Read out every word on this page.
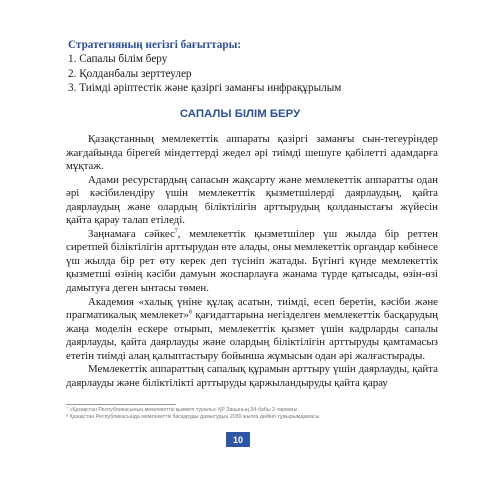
Стратегияның негізгі бағыттары:
1. Сапалы білім беру
2. Қолданбалы зерттеулер
3. Тиімді әріптестік және қазіргі заманғы инфрақұрылым
САПАЛЫ БІЛІМ БЕРУ

Қазақстанның мемлекеттік аппараты қазіргі заманғы сын-тегеуріндер жағдайында бірегей міндеттерді жедел әрі тиімді шешуге қабілетті адамдарға мұқтаж.

Адами ресурстардың сапасын жақсарту және мемлекеттік аппаратты одан әрі кәсібилендіру үшін мемлекеттік қызметшілерді даярлаудың, қайта даярлаудың және олардың біліктілігін арттырудың қолданыстағы жүйесін қайта қарау талап етіледі.

Заңнамаға сәйкес$^7$, мемлекеттік қызметшілер үш жылда бір реттен сиретпей біліктілігін арттырудан өте алады, оны мемлекеттік органдар көбінесе үш жылда бір рет өту керек деп түсініп жатады. Бүгінгі күнде мемлекеттік қызметші өзінің кәсіби дамуын жоспарлауға жанама түрде қатысады, өзін-өзі дамытуға деген ынтасы төмен.

Академия «халық үніне құлақ асатын, тиімді, есеп беретін, кәсіби және прагматикалық мемлекет»$^8$ қағидаттарына негізделген мемлекеттік басқарудың жаңа моделін ескере отырып, мемлекеттік қызмет үшін кадрларды сапалы даярлауды, қайта даярлауды және олардың біліктілігін арттыруды қамтамасыз ететін тиімді алаң қалыптастыру бойынша жұмысын одан әрі жалғастырады.

Мемлекеттік аппараттың сапалық құрамын арттыру үшін даярлауды, қайта даярлауды және біліктілікті арттыруды қаржыландыруды қайта қарау

⁷ «Қазақстан Республикасының мемлекеттік қызметі туралы» ҚР Заңының 34-бабы 2-тармағы
⁸ Қазақстан Республикасында мемлекеттік басқаруды дамытудың 2030 жылға дейінгі тұжырымдамасы
10
